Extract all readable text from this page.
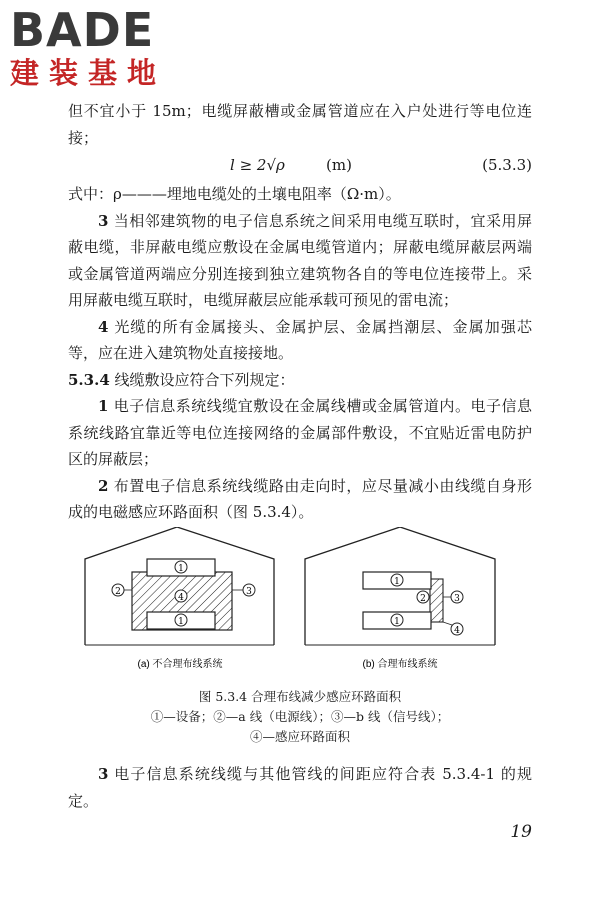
BADE
建装基地

但不宜小于 15m；电缆屏蔽槽或金属管道应在入户处进行等电位连接；

l ≥ 2√ρ	(m)	(5.3.3)

式中：ρ———埋地电缆处的土壤电阻率（Ω·m）。

3 当相邻建筑物的电子信息系统之间采用电缆互联时，宜采用屏蔽电缆，非屏蔽电缆应敷设在金属电缆管道内；屏蔽电缆屏蔽层两端或金属管道两端应分别连接到独立建筑物各自的等电位连接带上。采用屏蔽电缆互联时，电缆屏蔽层应能承载可预见的雷电流；

4 光缆的所有金属接头、金属护层、金属挡潮层、金属加强芯等，应在进入建筑物处直接接地。

5.3.4 线缆敷设应符合下列规定：

1 电子信息系统线缆宜敷设在金属线槽或金属管道内。电子信息系统线路宜靠近等电位连接网络的金属部件敷设，不宜贴近雷电防护区的屏蔽层；

2 布置电子信息系统线缆路由走向时，应尽量减小由线缆自身形成的电磁感应环路面积（图 5.3.4）。

1
1
4
2	3
1
1
2	3
4
(a) 不合理布线系统	(b) 合理布线系统
图 5.3.4 合理布线减少感应环路面积
①—设备；②—a 线（电源线）；③—b 线（信号线）；
④—感应环路面积

3 电子信息系统线缆与其他管线的间距应符合表 5.3.4-1 的规定。

19
